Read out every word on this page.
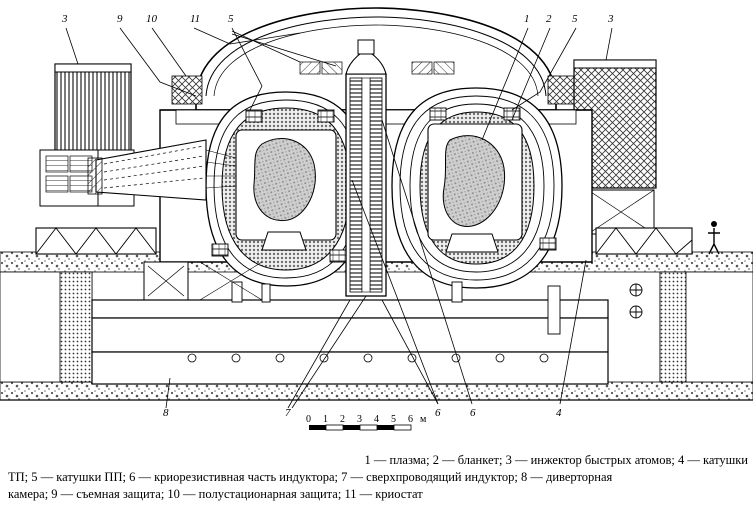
3	9 10	11	5	1 2 5	3
8	7	6	6	4
0 1 2 3 4 5 6 м
1 — плазма; 2 — бланкет; 3 — инжектор быстрых атомов; 4 — катушки
ТП; 5 — катушки ПП; 6 — криорезистивная часть индуктора; 7 — сверхпроводящий индуктор; 8 — диверторная
камера; 9 — съемная защита; 10 — полустационарная защита; 11 — криостат
